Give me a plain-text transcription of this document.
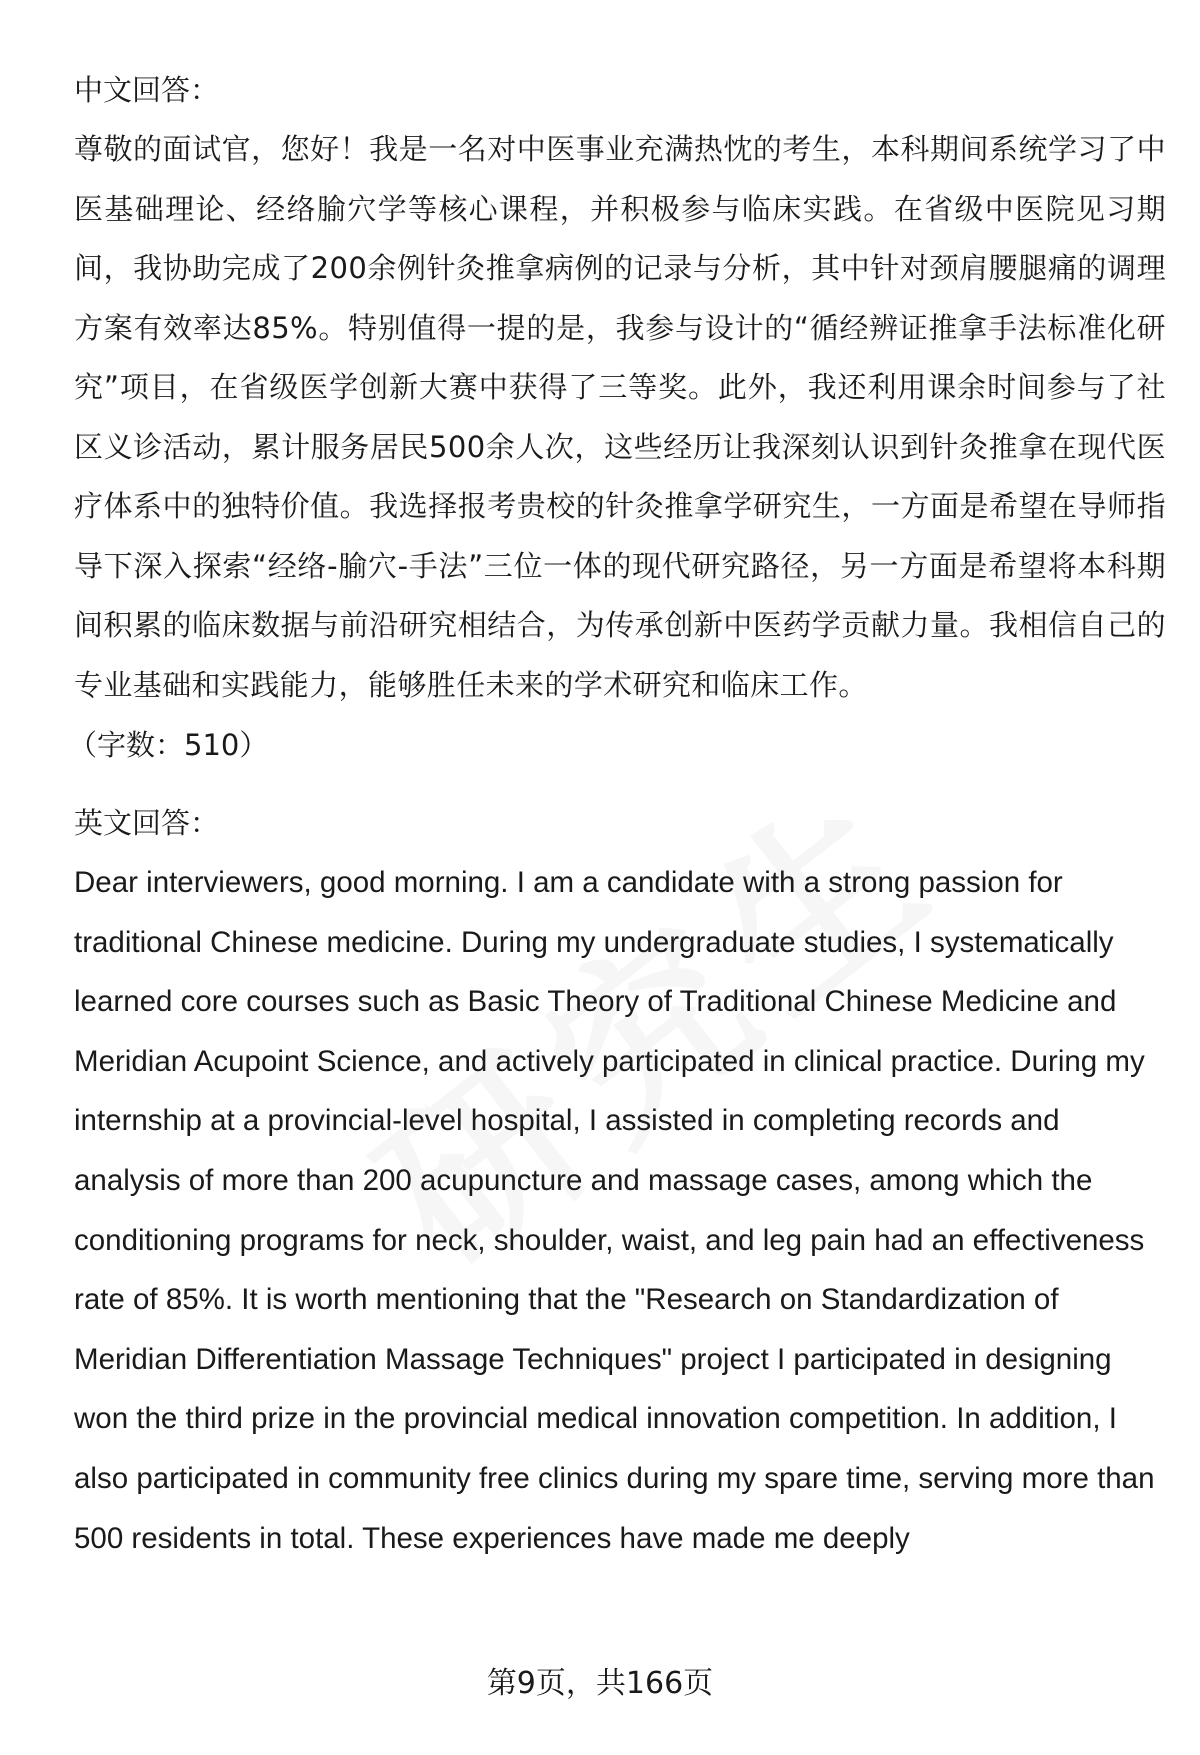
中文回答：

尊敬的面试官，您好！我是一名对中医事业充满热忱的考生，本科期间系统学习了中医基础理论、经络腧穴学等核心课程，并积极参与临床实践。在省级中医院见习期间，我协助完成了200余例针灸推拿病例的记录与分析，其中针对颈肩腰腿痛的调理方案有效率达85%。特别值得一提的是，我参与设计的“循经辨证推拿手法标准化研究”项目，在省级医学创新大赛中获得了三等奖。此外，我还利用课余时间参与了社区义诊活动，累计服务居民500余人次，这些经历让我深刻认识到针灸推拿在现代医疗体系中的独特价值。我选择报考贵校的针灸推拿学研究生，一方面是希望在导师指导下深入探索“经络-腧穴-手法”三位一体的现代研究路径，另一方面是希望将本科期间积累的临床数据与前沿研究相结合，为传承创新中医药学贡献力量。我相信自己的专业基础和实践能力，能够胜任未来的学术研究和临床工作。

（字数：510）

英文回答：

Dear interviewers, good morning. I am a candidate with a strong passion for traditional Chinese medicine. During my undergraduate studies, I systematically learned core courses such as Basic Theory of Traditional Chinese Medicine and Meridian Acupoint Science, and actively participated in clinical practice. During my internship at a provincial-level hospital, I assisted in completing records and analysis of more than 200 acupuncture and massage cases, among which the conditioning programs for neck, shoulder, waist, and leg pain had an effectiveness rate of 85%. It is worth mentioning that the "Research on Standardization of Meridian Differentiation Massage Techniques" project I participated in designing won the third prize in the provincial medical innovation competition. In addition, I also participated in community free clinics during my spare time, serving more than 500 residents in total. These experiences have made me deeply

第9页，共166页
